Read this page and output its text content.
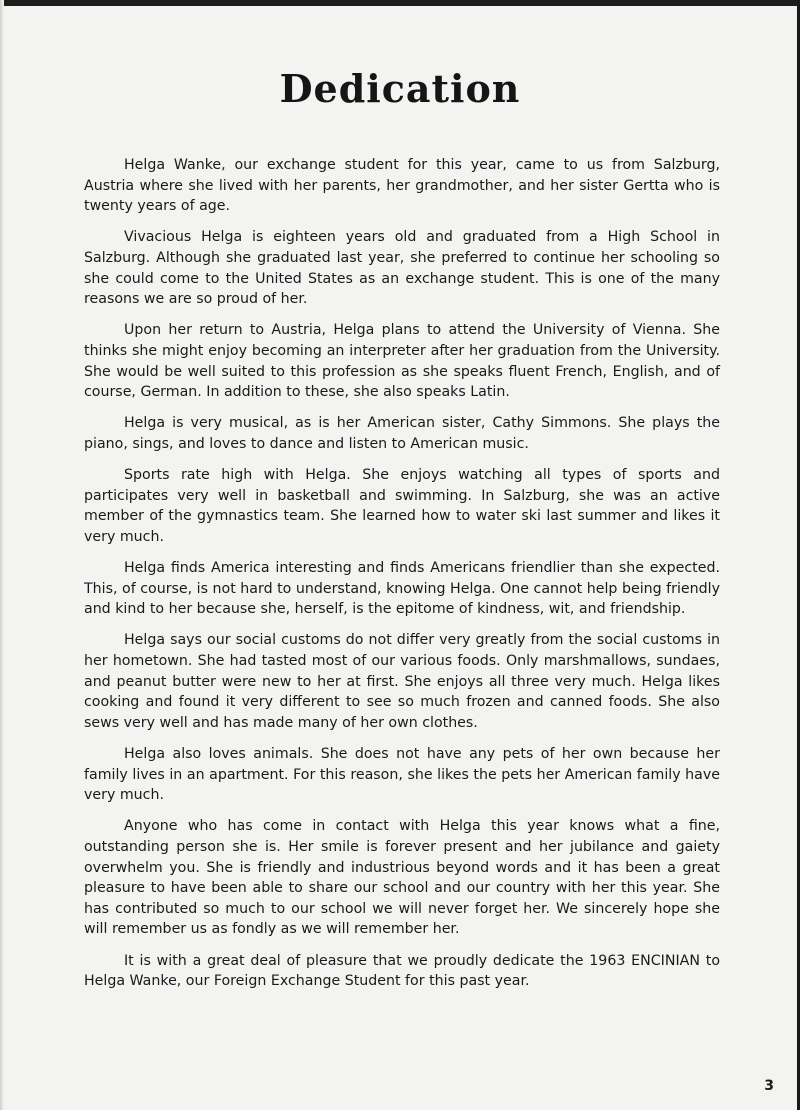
Dedication

Helga Wanke, our exchange student for this year, came to us from Salzburg, Austria where she lived with her parents, her grandmother, and her sister Gertta who is twenty years of age.

Vivacious Helga is eighteen years old and graduated from a High School in Salzburg. Although she graduated last year, she preferred to continue her schooling so she could come to the United States as an exchange student. This is one of the many reasons we are so proud of her.

Upon her return to Austria, Helga plans to attend the University of Vienna. She thinks she might enjoy becoming an interpreter after her graduation from the University. She would be well suited to this profession as she speaks fluent French, English, and of course, German. In addition to these, she also speaks Latin.

Helga is very musical, as is her American sister, Cathy Simmons. She plays the piano, sings, and loves to dance and listen to American music.

Sports rate high with Helga. She enjoys watching all types of sports and participates very well in basketball and swimming. In Salzburg, she was an active member of the gymnastics team. She learned how to water ski last summer and likes it very much.

Helga finds America interesting and finds Americans friendlier than she expected. This, of course, is not hard to understand, knowing Helga. One cannot help being friendly and kind to her because she, herself, is the epitome of kindness, wit, and friendship.

Helga says our social customs do not differ very greatly from the social customs in her hometown. She had tasted most of our various foods. Only marshmallows, sundaes, and peanut butter were new to her at first. She enjoys all three very much. Helga likes cooking and found it very different to see so much frozen and canned foods. She also sews very well and has made many of her own clothes.

Helga also loves animals. She does not have any pets of her own because her family lives in an apartment. For this reason, she likes the pets her American family have very much.

Anyone who has come in contact with Helga this year knows what a fine, outstanding person she is. Her smile is forever present and her jubilance and gaiety overwhelm you. She is friendly and industrious beyond words and it has been a great pleasure to have been able to share our school and our country with her this year. She has contributed so much to our school we will never forget her. We sincerely hope she will remember us as fondly as we will remember her.

It is with a great deal of pleasure that we proudly dedicate the 1963 ENCINIAN to Helga Wanke, our Foreign Exchange Student for this past year.

3
